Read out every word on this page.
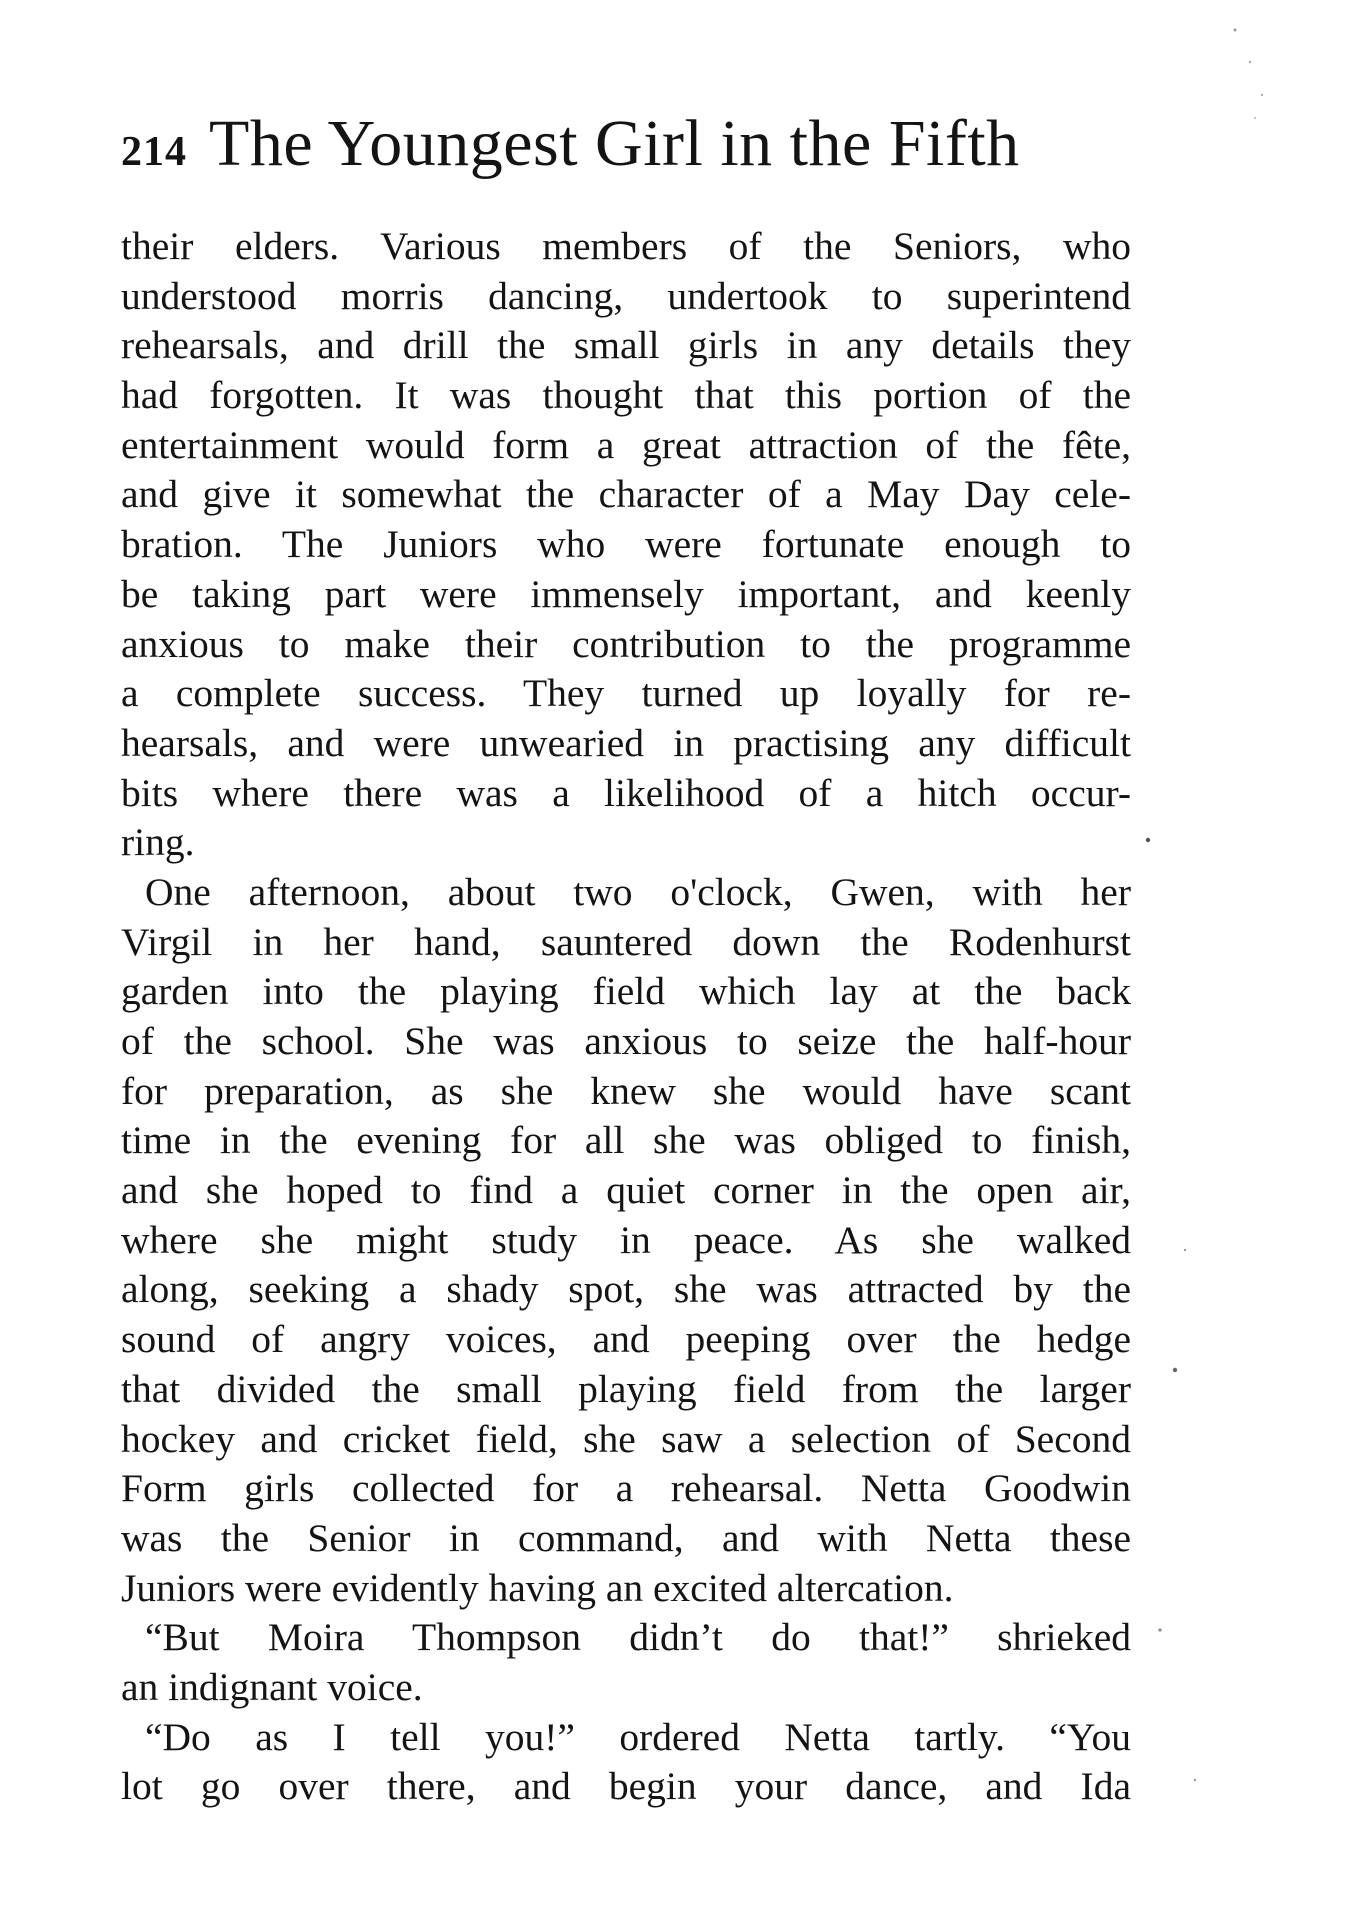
214 The Youngest Girl in the Fifth
their elders. Various members of the Seniors, who
understood morris dancing, undertook to superintend
rehearsals, and drill the small girls in any details they
had forgotten. It was thought that this portion of the
entertainment would form a great attraction of the fête,
and give it somewhat the character of a May Day cele-
bration. The Juniors who were fortunate enough to
be taking part were immensely important, and keenly
anxious to make their contribution to the programme
a complete success. They turned up loyally for re-
hearsals, and were unwearied in practising any difficult
bits where there was a likelihood of a hitch occur-
ring.
One afternoon, about two o'clock, Gwen, with her
Virgil in her hand, sauntered down the Rodenhurst
garden into the playing field which lay at the back
of the school. She was anxious to seize the half-hour
for preparation, as she knew she would have scant
time in the evening for all she was obliged to finish,
and she hoped to find a quiet corner in the open air,
where she might study in peace. As she walked
along, seeking a shady spot, she was attracted by the
sound of angry voices, and peeping over the hedge
that divided the small playing field from the larger
hockey and cricket field, she saw a selection of Second
Form girls collected for a rehearsal. Netta Goodwin
was the Senior in command, and with Netta these
Juniors were evidently having an excited altercation.
“But Moira Thompson didn’t do that!” shrieked
an indignant voice.
“Do as I tell you!” ordered Netta tartly. “You
lot go over there, and begin your dance, and Ida
